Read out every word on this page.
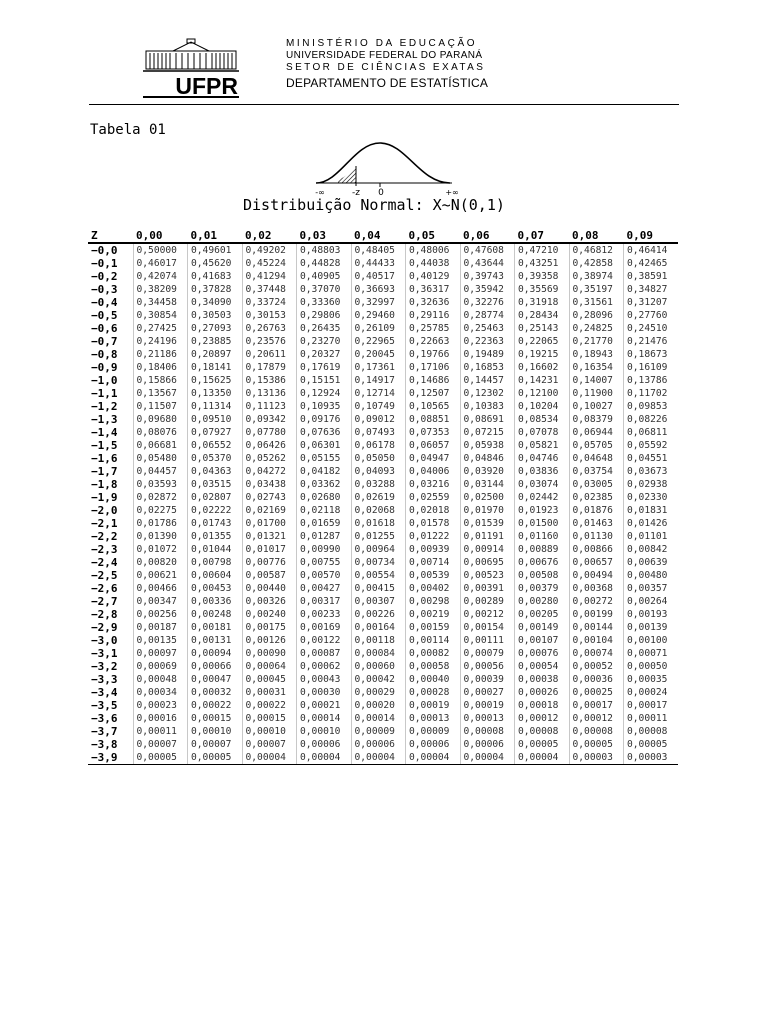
UFPR
MINISTÉRIO DA EDUCAÇÃO
UNIVERSIDADE FEDERAL DO PARANÁ
SETOR DE CIÊNCIAS EXATAS
DEPARTAMENTO DE ESTATÍSTICA
Tabela 01
-∞	-z 0	+∞
Distribuição Normal: X~N(0,1)
Z	0,00	0,01	0,02	0,03	0,04	0,05	0,06	0,07	0,08	0,09
−0,0	0,50000	0,49601	0,49202	0,48803	0,48405	0,48006	0,47608	0,47210	0,46812	0,46414
−0,1	0,46017	0,45620	0,45224	0,44828	0,44433	0,44038	0,43644	0,43251	0,42858	0,42465
−0,2	0,42074	0,41683	0,41294	0,40905	0,40517	0,40129	0,39743	0,39358	0,38974	0,38591
−0,3	0,38209	0,37828	0,37448	0,37070	0,36693	0,36317	0,35942	0,35569	0,35197	0,34827
−0,4	0,34458	0,34090	0,33724	0,33360	0,32997	0,32636	0,32276	0,31918	0,31561	0,31207
−0,5	0,30854	0,30503	0,30153	0,29806	0,29460	0,29116	0,28774	0,28434	0,28096	0,27760
−0,6	0,27425	0,27093	0,26763	0,26435	0,26109	0,25785	0,25463	0,25143	0,24825	0,24510
−0,7	0,24196	0,23885	0,23576	0,23270	0,22965	0,22663	0,22363	0,22065	0,21770	0,21476
−0,8	0,21186	0,20897	0,20611	0,20327	0,20045	0,19766	0,19489	0,19215	0,18943	0,18673
−0,9	0,18406	0,18141	0,17879	0,17619	0,17361	0,17106	0,16853	0,16602	0,16354	0,16109
−1,0	0,15866	0,15625	0,15386	0,15151	0,14917	0,14686	0,14457	0,14231	0,14007	0,13786
−1,1	0,13567	0,13350	0,13136	0,12924	0,12714	0,12507	0,12302	0,12100	0,11900	0,11702
−1,2	0,11507	0,11314	0,11123	0,10935	0,10749	0,10565	0,10383	0,10204	0,10027	0,09853
−1,3	0,09680	0,09510	0,09342	0,09176	0,09012	0,08851	0,08691	0,08534	0,08379	0,08226
−1,4	0,08076	0,07927	0,07780	0,07636	0,07493	0,07353	0,07215	0,07078	0,06944	0,06811
−1,5	0,06681	0,06552	0,06426	0,06301	0,06178	0,06057	0,05938	0,05821	0,05705	0,05592
−1,6	0,05480	0,05370	0,05262	0,05155	0,05050	0,04947	0,04846	0,04746	0,04648	0,04551
−1,7	0,04457	0,04363	0,04272	0,04182	0,04093	0,04006	0,03920	0,03836	0,03754	0,03673
−1,8	0,03593	0,03515	0,03438	0,03362	0,03288	0,03216	0,03144	0,03074	0,03005	0,02938
−1,9	0,02872	0,02807	0,02743	0,02680	0,02619	0,02559	0,02500	0,02442	0,02385	0,02330
−2,0	0,02275	0,02222	0,02169	0,02118	0,02068	0,02018	0,01970	0,01923	0,01876	0,01831
−2,1	0,01786	0,01743	0,01700	0,01659	0,01618	0,01578	0,01539	0,01500	0,01463	0,01426
−2,2	0,01390	0,01355	0,01321	0,01287	0,01255	0,01222	0,01191	0,01160	0,01130	0,01101
−2,3	0,01072	0,01044	0,01017	0,00990	0,00964	0,00939	0,00914	0,00889	0,00866	0,00842
−2,4	0,00820	0,00798	0,00776	0,00755	0,00734	0,00714	0,00695	0,00676	0,00657	0,00639
−2,5	0,00621	0,00604	0,00587	0,00570	0,00554	0,00539	0,00523	0,00508	0,00494	0,00480
−2,6	0,00466	0,00453	0,00440	0,00427	0,00415	0,00402	0,00391	0,00379	0,00368	0,00357
−2,7	0,00347	0,00336	0,00326	0,00317	0,00307	0,00298	0,00289	0,00280	0,00272	0,00264
−2,8	0,00256	0,00248	0,00240	0,00233	0,00226	0,00219	0,00212	0,00205	0,00199	0,00193
−2,9	0,00187	0,00181	0,00175	0,00169	0,00164	0,00159	0,00154	0,00149	0,00144	0,00139
−3,0	0,00135	0,00131	0,00126	0,00122	0,00118	0,00114	0,00111	0,00107	0,00104	0,00100
−3,1	0,00097	0,00094	0,00090	0,00087	0,00084	0,00082	0,00079	0,00076	0,00074	0,00071
−3,2	0,00069	0,00066	0,00064	0,00062	0,00060	0,00058	0,00056	0,00054	0,00052	0,00050
−3,3	0,00048	0,00047	0,00045	0,00043	0,00042	0,00040	0,00039	0,00038	0,00036	0,00035
−3,4	0,00034	0,00032	0,00031	0,00030	0,00029	0,00028	0,00027	0,00026	0,00025	0,00024
−3,5	0,00023	0,00022	0,00022	0,00021	0,00020	0,00019	0,00019	0,00018	0,00017	0,00017
−3,6	0,00016	0,00015	0,00015	0,00014	0,00014	0,00013	0,00013	0,00012	0,00012	0,00011
−3,7	0,00011	0,00010	0,00010	0,00010	0,00009	0,00009	0,00008	0,00008	0,00008	0,00008
−3,8	0,00007	0,00007	0,00007	0,00006	0,00006	0,00006	0,00006	0,00005	0,00005	0,00005
−3,9	0,00005	0,00005	0,00004	0,00004	0,00004	0,00004	0,00004	0,00004	0,00003	0,00003
